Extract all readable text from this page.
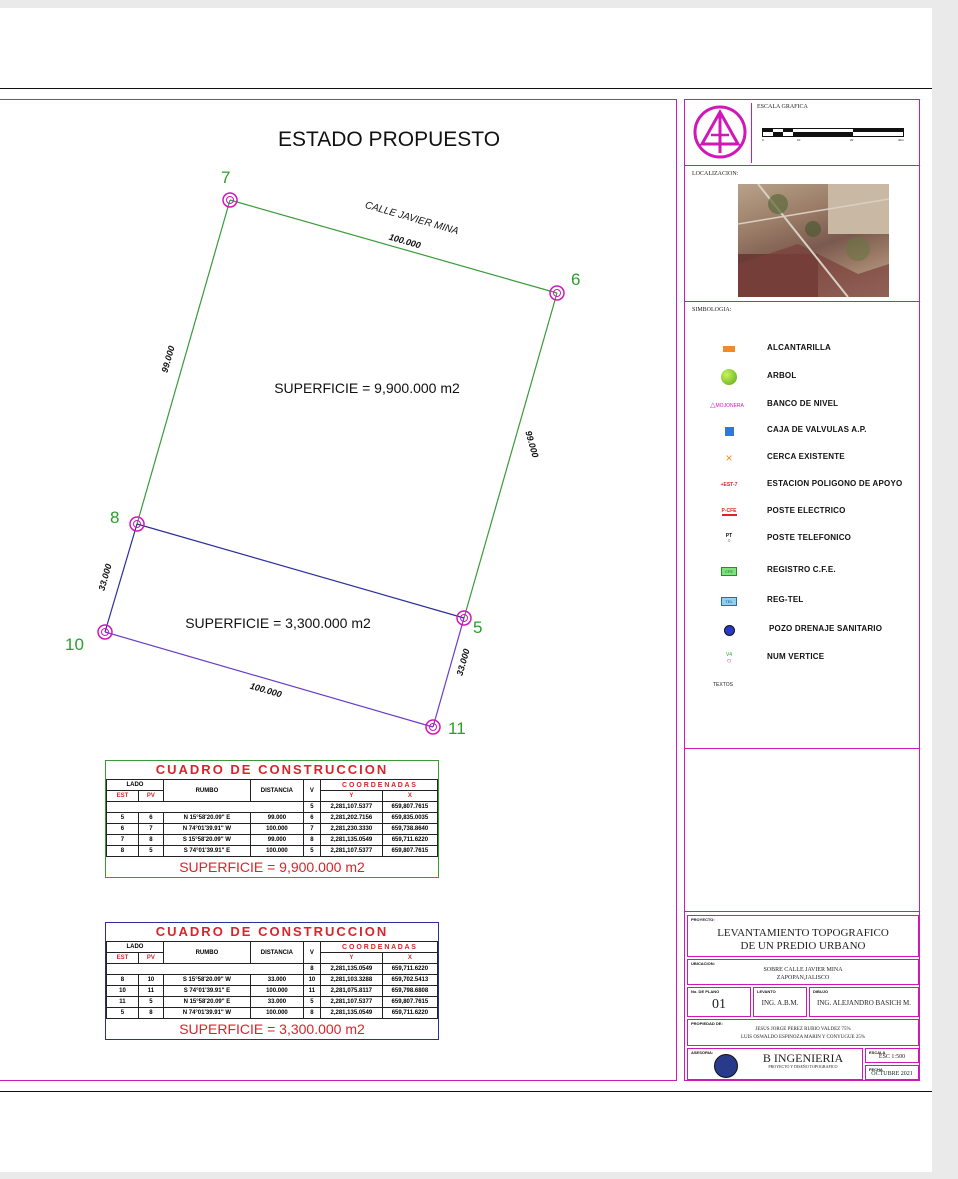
ESTADO PROPUESTO
7
6
8
5
10
11
CALLE JAVIER MINA
100.000
99.000
99.000
33.000
33.000
100.000
SUPERFICIE = 9,900.000 m2
SUPERFICIE = 3,300.000 m2
CUADRO DE CONSTRUCCION
LADO		RUMBO	DISTANCIA	V	C O O R D E N A D A S	
EST	PV				Y	X
				5	2,281,107.5377	659,807.7615
5	6	N 15°58'20.09" E	99.000	6	2,281,202.7156	659,835.0035
6	7	N 74°01'39.91" W	100.000	7	2,281,230.3330	659,738.8640
7	8	S 15°58'20.09" W	99.000	8	2,281,135.0549	659,711.6220
8	5	S 74°01'39.91" E	100.000	5	2,281,107.5377	659,807.7615
SUPERFICIE = 9,900.000 m2
CUADRO DE CONSTRUCCION
LADO		RUMBO	DISTANCIA	V	C O O R D E N A D A S	
EST	PV				Y	X
				8	2,281,135.0549	659,711.6220
8	10	S 15°58'20.09" W	33.000	10	2,281,103.3288	659,702.5413
10	11	S 74°01'39.91" E	100.000	11	2,281,075.8117	659,798.6808
11	5	N 15°58'20.09" E	33.000	5	2,281,107.5377	659,807.7615
5	8	N 74°01'39.91" W	100.000	8	2,281,135.0549	659,711.6220
SUPERFICIE = 3,300.000 m2
ESCALA GRAFICA
0	10	20	40m
LOCALIZACION:
SIMBOLOGIA:
ALCANTARILLA
ARBOL
△MOJONERA	BANCO DE NIVEL
CAJA DE VALVULAS A.P.
×	CERCA EXISTENTE
+EST-7	ESTACION POLIGONO DE APOYO
P-CFE	POSTE ELECTRICO
PT
○	POSTE TELEFONICO
CFE	REGISTRO C.F.E.
TEL	REG-TEL
POZO DRENAJE SANITARIO
V4
○	NUM VERTICE
TEXTOS
PROYECTO:
LEVANTAMIENTO TOPOGRAFICO
DE UN PREDIO URBANO
UBICACION:
SOBRE CALLE JAVIER MINA
ZAPOPAN,JALISCO
No. DE PLANO
01
LEVANTO
ING. A.B.M.
DIBUJO
ING. ALEJANDRO BASICH M.
PROPIEDAD DE:
JESUS JORGE PEREZ RUBIO VALDEZ 75%
LUIS OSWALDO ESPINOZA MARIN Y CONYUGUE 25%
ASESORIA:	B INGENIERIA
PROYECTO Y DISEÑO TOPOGRAFICO
ESCALA
ESC 1:500
FECHA
OCTUBRE 2021
